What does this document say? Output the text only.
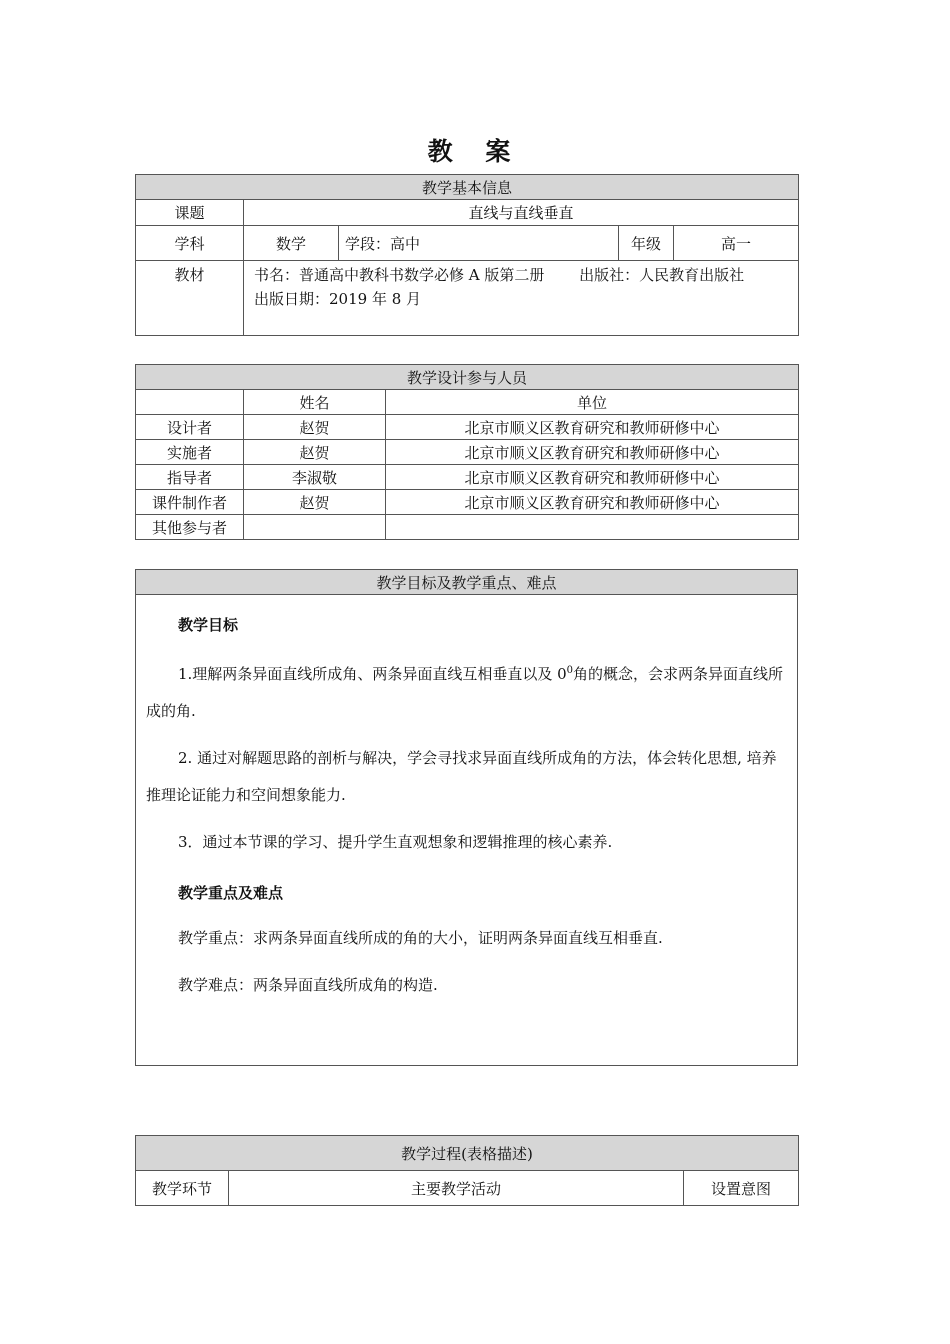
教 案
教学基本信息				
课题	直线与直线垂直			
学科	数学	学段：高中	年级	高一
教材	书名：普通高中教科书数学必修 A 版第二册 　　出版社：人民教育出版社
出版日期：2019 年 8 月			
教学设计参与人员		
	姓名	单位
设计者	赵贺	北京市顺义区教育研究和教师研修中心
实施者	赵贺	北京市顺义区教育研究和教师研修中心
指导者	李淑敬	北京市顺义区教育研究和教师研修中心
课件制作者	赵贺	北京市顺义区教育研究和教师研修中心
其他参与者		
教学目标及教学重点、难点

教学目标

1.理解两条异面直线所成角、两条异面直线互相垂直以及 $0^0$角的概念，会求两条异面直线所成的角.

2. 通过对解题思路的剖析与解决，学会寻找求异面直线所成角的方法，体会转化思想, 培养推理论证能力和空间想象能力.

3．通过本节课的学习、提升学生直观想象和逻辑推理的核心素养.

教学重点及难点

教学重点：求两条异面直线所成的角的大小，证明两条异面直线互相垂直.

教学难点：两条异面直线所成角的构造.

教学过程(表格描述)
教学环节	主要教学活动	设置意图
